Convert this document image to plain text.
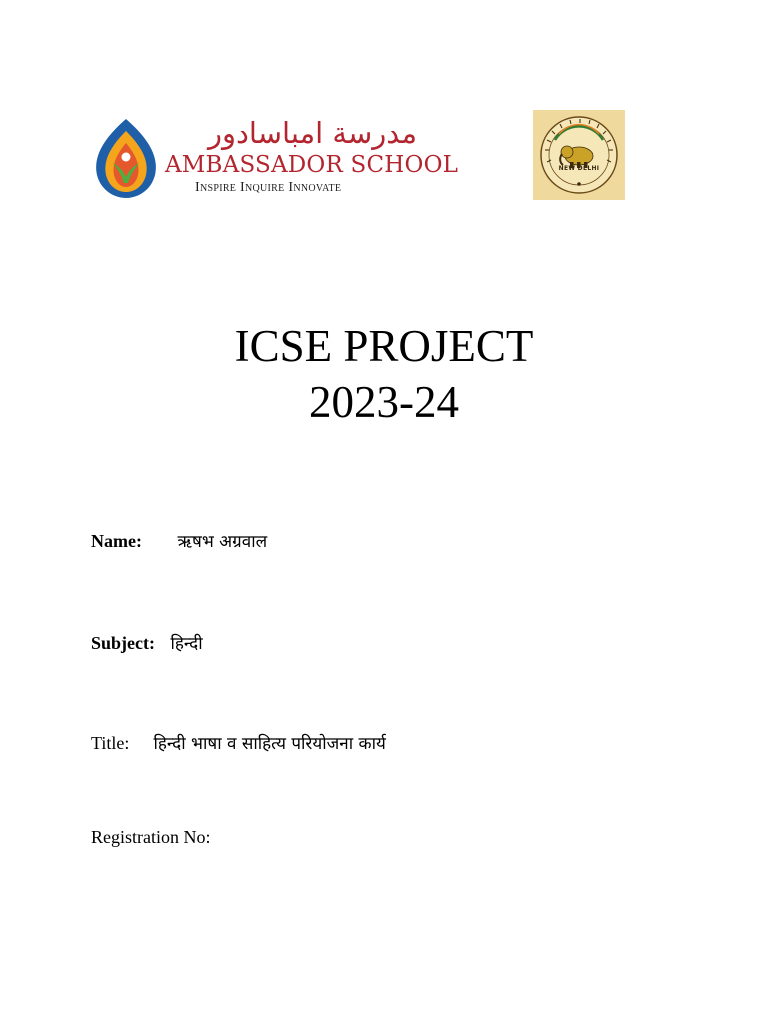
مدرسة امباسادور
AMBASSADOR SCHOOL
Inspire Inquire Innovate
NEW DELHI
ICSE PROJECT
2023-24
Name: ऋषभ अग्रवाल
Subject: हिन्दी
Title: हिन्दी भाषा व साहित्य परियोजना कार्य
Registration No:
